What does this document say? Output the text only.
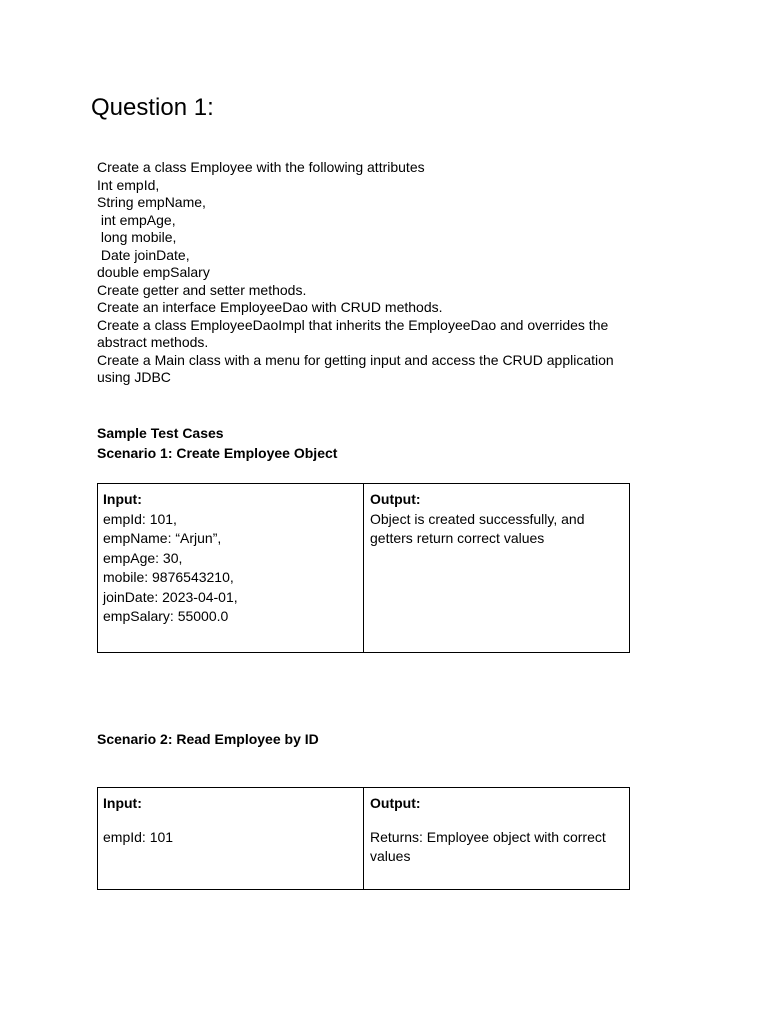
Question 1:
Create a class Employee with the following attributes
Int empId,
String empName,
int empAge,
long mobile,
Date joinDate,
double empSalary
Create getter and setter methods.
Create an interface EmployeeDao with CRUD methods.
Create a class EmployeeDaoImpl that inherits the EmployeeDao and overrides the abstract methods.
Create a Main class with a menu for getting input and access the CRUD application using JDBC

Sample Test Cases

Scenario 1: Create Employee Object

Input:
empId: 101,
empName: “Arjun”,
empAge: 30,
mobile: 9876543210,
joinDate: 2023-04-01,
empSalary: 55000.0
Output:
Object is created successfully, and getters return correct values

Scenario 2: Read Employee by ID

Input:
empId: 101
Output:
Returns: Employee object with correct values
